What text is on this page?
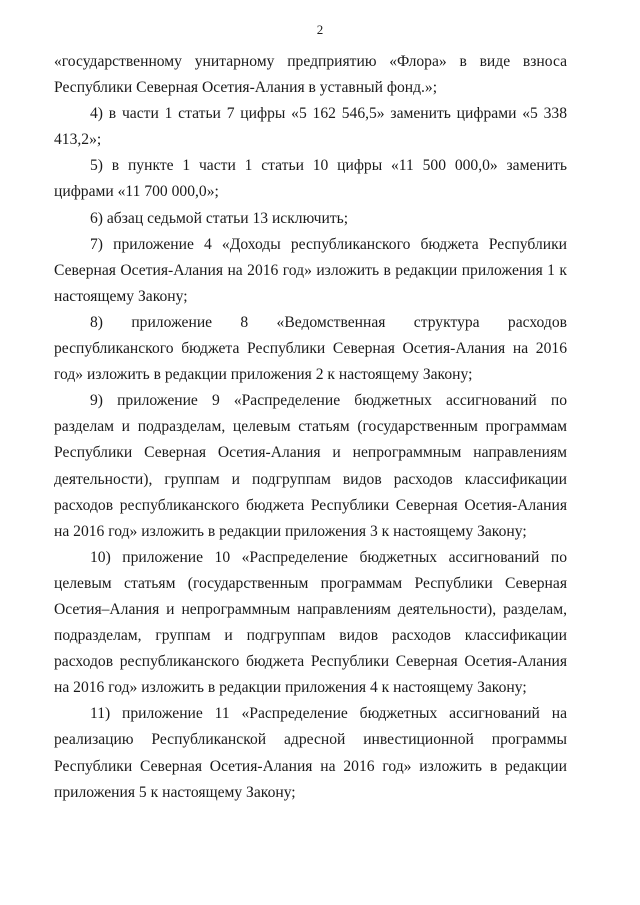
2

«государственному унитарному предприятию «Флора» в виде взноса Республики Северная Осетия-Алания в уставный фонд.»;

4) в части 1 статьи 7 цифры «5 162 546,5» заменить цифрами «5 338 413,2»;

5) в пункте 1 части 1 статьи 10 цифры «11 500 000,0» заменить цифрами «11 700 000,0»;

6) абзац седьмой статьи 13 исключить;

7) приложение 4 «Доходы республиканского бюджета Республики Северная Осетия-Алания на 2016 год» изложить в редакции приложения 1 к настоящему Закону;

8) приложение 8 «Ведомственная структура расходов республиканского бюджета Республики Северная Осетия-Алания на 2016 год» изложить в редакции приложения 2 к настоящему Закону;

9) приложение 9 «Распределение бюджетных ассигнований по разделам и подразделам, целевым статьям (государственным программам Республики Северная Осетия-Алания и непрограммным направлениям деятельности), группам и подгруппам видов расходов классификации расходов республиканского бюджета Республики Северная Осетия-Алания на 2016 год» изложить в редакции приложения 3 к настоящему Закону;

10) приложение 10 «Распределение бюджетных ассигнований по целевым статьям (государственным программам Республики Северная Осетия–Алания и непрограммным направлениям деятельности), разделам, подразделам, группам и подгруппам видов расходов классификации расходов республиканского бюджета Республики Северная Осетия-Алания на 2016 год» изложить в редакции приложения 4 к настоящему Закону;

11) приложение 11 «Распределение бюджетных ассигнований на реализацию Республиканской адресной инвестиционной программы Республики Северная Осетия-Алания на 2016 год» изложить в редакции приложения 5 к настоящему Закону;
